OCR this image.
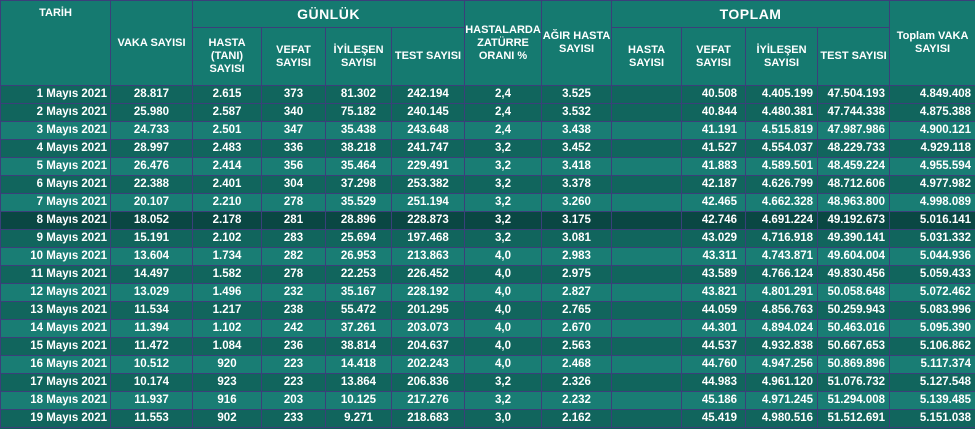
TARİH	VAKA SAYISI	GÜNLÜK				HASTALARDA ZATÜRRE ORANI %	AĞIR HASTA SAYISI	TOPLAM				Toplam VAKA SAYISI
		HASTA (TANI) SAYISI	VEFAT SAYISI	İYİLEŞEN SAYISI	TEST SAYISI			HASTA SAYISI	VEFAT SAYISI	İYİLEŞEN SAYISI	TEST SAYISI	
1 Mayıs 2021	28.817	2.615	373	81.302	242.194	2,4	3.525		40.508	4.405.199	47.504.193	4.849.408
2 Mayıs 2021	25.980	2.587	340	75.182	240.145	2,4	3.532		40.844	4.480.381	47.744.338	4.875.388
3 Mayıs 2021	24.733	2.501	347	35.438	243.648	2,4	3.438		41.191	4.515.819	47.987.986	4.900.121
4 Mayıs 2021	28.997	2.483	336	38.218	241.747	3,2	3.452		41.527	4.554.037	48.229.733	4.929.118
5 Mayıs 2021	26.476	2.414	356	35.464	229.491	3,2	3.418		41.883	4.589.501	48.459.224	4.955.594
6 Mayıs 2021	22.388	2.401	304	37.298	253.382	3,2	3.378		42.187	4.626.799	48.712.606	4.977.982
7 Mayıs 2021	20.107	2.210	278	35.529	251.194	3,2	3.260		42.465	4.662.328	48.963.800	4.998.089
8 Mayıs 2021	18.052	2.178	281	28.896	228.873	3,2	3.175		42.746	4.691.224	49.192.673	5.016.141
9 Mayıs 2021	15.191	2.102	283	25.694	197.468	3,2	3.081		43.029	4.716.918	49.390.141	5.031.332
10 Mayıs 2021	13.604	1.734	282	26.953	213.863	4,0	2.983		43.311	4.743.871	49.604.004	5.044.936
11 Mayıs 2021	14.497	1.582	278	22.253	226.452	4,0	2.975		43.589	4.766.124	49.830.456	5.059.433
12 Mayıs 2021	13.029	1.496	232	35.167	228.192	4,0	2.827		43.821	4.801.291	50.058.648	5.072.462
13 Mayıs 2021	11.534	1.217	238	55.472	201.295	4,0	2.765		44.059	4.856.763	50.259.943	5.083.996
14 Mayıs 2021	11.394	1.102	242	37.261	203.073	4,0	2.670		44.301	4.894.024	50.463.016	5.095.390
15 Mayıs 2021	11.472	1.084	236	38.814	204.637	4,0	2.563		44.537	4.932.838	50.667.653	5.106.862
16 Mayıs 2021	10.512	920	223	14.418	202.243	4,0	2.468		44.760	4.947.256	50.869.896	5.117.374
17 Mayıs 2021	10.174	923	223	13.864	206.836	3,2	2.326		44.983	4.961.120	51.076.732	5.127.548
18 Mayıs 2021	11.937	916	203	10.125	217.276	3,2	2.232		45.186	4.971.245	51.294.008	5.139.485
19 Mayıs 2021	11.553	902	233	9.271	218.683	3,0	2.162		45.419	4.980.516	51.512.691	5.151.038
